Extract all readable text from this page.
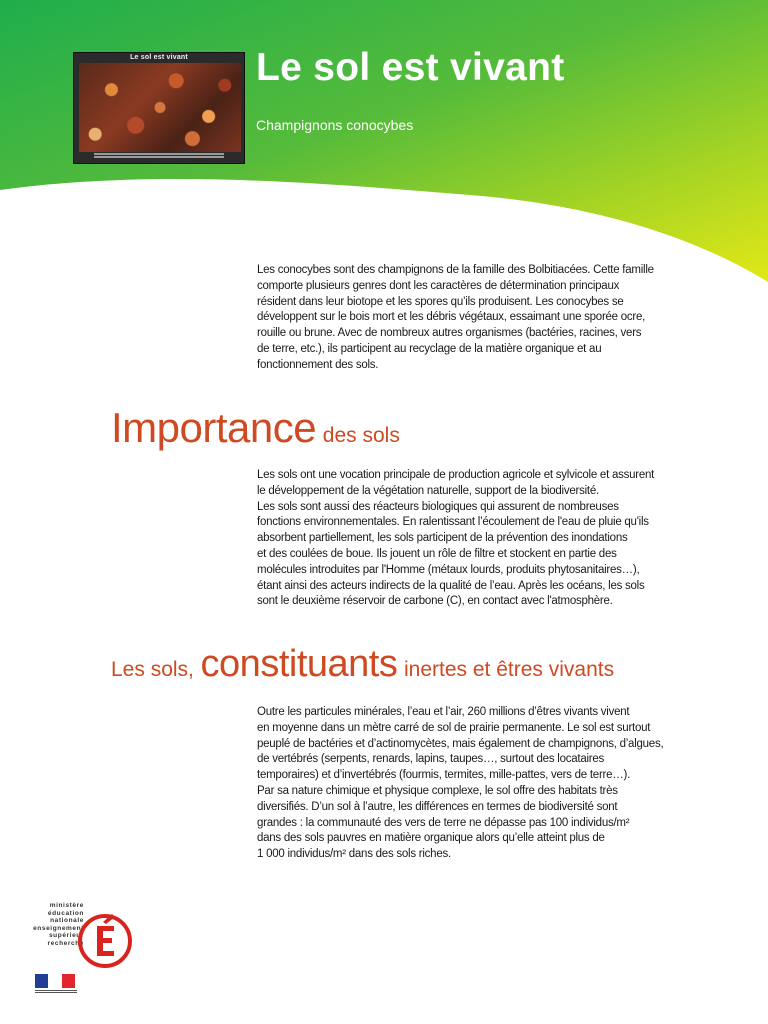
Le sol est vivant	Le sol est vivant
Champignons conocybes
Les conocybes sont des champignons de la famille des Bolbitiacées. Cette famille
comporte plusieurs genres dont les caractères de détermination principaux
résident dans leur biotope et les spores qu’ils produisent. Les conocybes se
développent sur le bois mort et les débris végétaux, essaimant une sporée ocre,
rouille ou brune. Avec de nombreux autres organismes (bactéries, racines, vers
de terre, etc.), ils participent au recyclage de la matière organique et au
fonctionnement des sols.
Importance des sols
Les sols ont une vocation principale de production agricole et sylvicole et assurent
le développement de la végétation naturelle, support de la biodiversité.
Les sols sont aussi des réacteurs biologiques qui assurent de nombreuses
fonctions environnementales. En ralentissant l’écoulement de l'eau de pluie qu'ils
absorbent partiellement, les sols participent de la prévention des inondations
et des coulées de boue. Ils jouent un rôle de filtre et stockent en partie des
molécules introduites par l'Homme (métaux lourds, produits phytosanitaires…),
étant ainsi des acteurs indirects de la qualité de l’eau. Après les océans, les sols
sont le deuxième réservoir de carbone (C), en contact avec l'atmosphère.
Les sols, constituants inertes et êtres vivants
Outre les particules minérales, l’eau et l’air, 260 millions d’êtres vivants vivent
en moyenne dans un mètre carré de sol de prairie permanente. Le sol est surtout
peuplé de bactéries et d’actinomycètes, mais également de champignons, d’algues,
de vertébrés (serpents, renards, lapins, taupes…, surtout des locataires
temporaires) et d’invertébrés (fourmis, termites, mille-pattes, vers de terre…).
Par sa nature chimique et physique complexe, le sol offre des habitats très
diversifiés. D’un sol à l’autre, les différences en termes de biodiversité sont
grandes : la communauté des vers de terre ne dépasse pas 100 individus/m²
dans des sols pauvres en matière organique alors qu’elle atteint plus de
1 000 individus/m² dans des sols riches.
ministère
éducation
nationale
enseignement
supérieur
recherche
